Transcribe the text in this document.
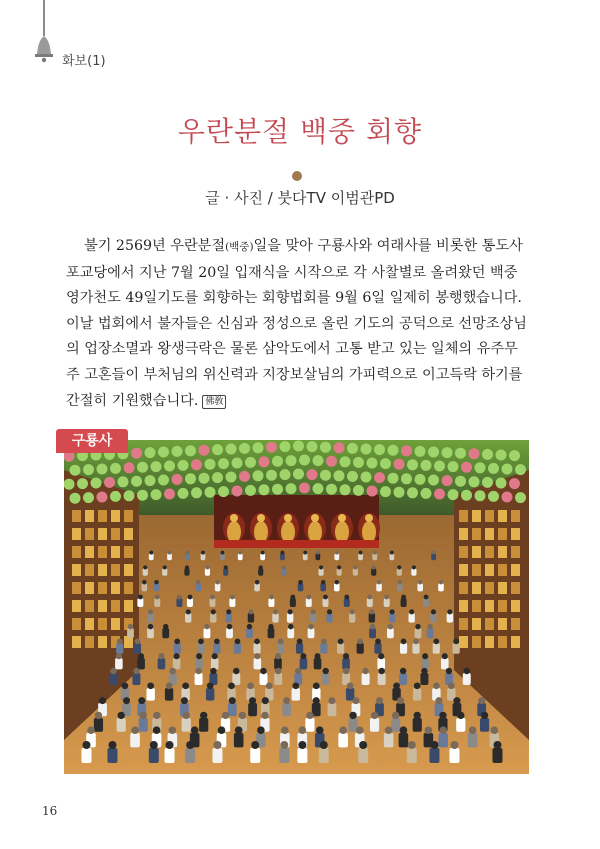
화보(1)
우란분절 백중 회향
글 · 사진 / 붓다TV 이범관PD

불기 2569년 우란분절(백중)일을 맞아 구룡사와 여래사를 비롯한 통도사
포교당에서 지난 7월 20일 입재식을 시작으로 각 사찰별로 올려왔던 백중
영가천도 49일기도를 회향하는 회향법회를 9월 6일 일제히 봉행했습니다.
이날 법회에서 불자들은 신심과 정성으로 올린 기도의 공덕으로 선망조상님
의 업장소멸과 왕생극락은 물론 삼악도에서 고통 받고 있는 일체의 유주무
주 고혼들이 부처님의 위신력과 지장보살님의 가피력으로 이고득락 하기를
간절히 기원했습니다. 佛敎

구룡사
16
